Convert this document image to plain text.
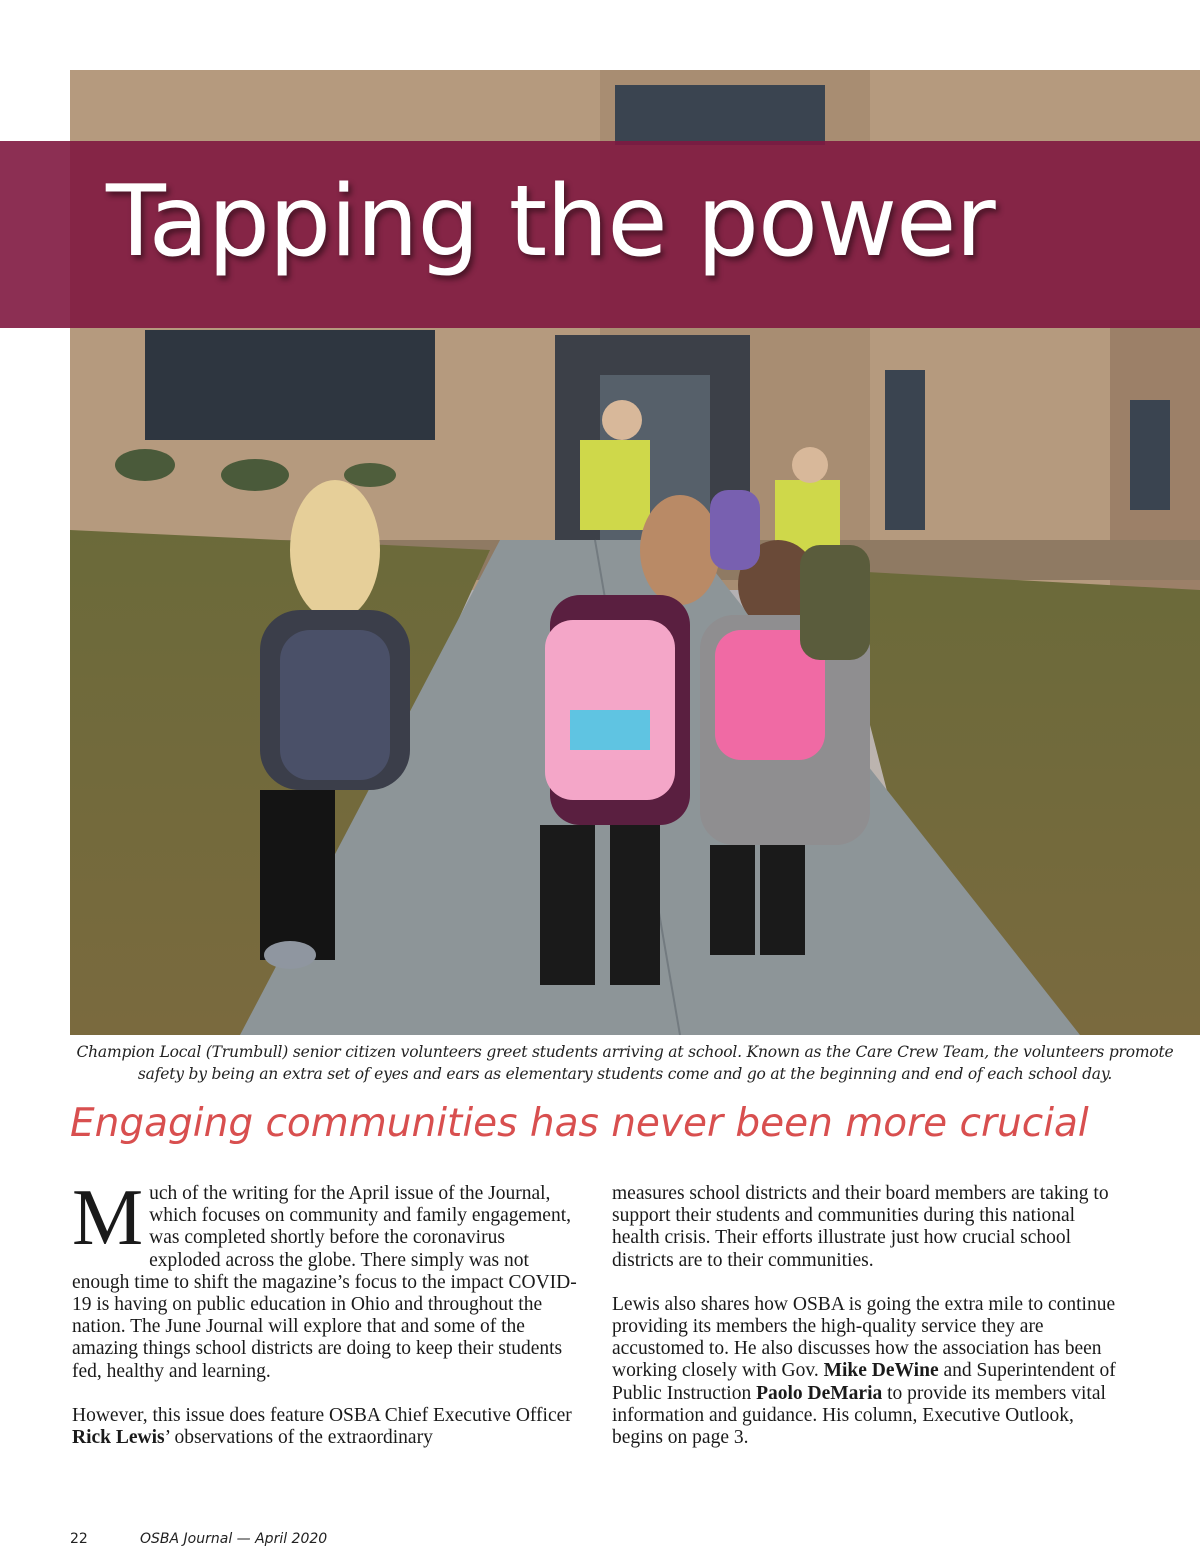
Tapping the power

Champion Local (Trumbull) senior citizen volunteers greet students arriving at school. Known as the Care Crew Team, the volunteers promote safety by being an extra set of eyes and ears as elementary students come and go at the beginning and end of each school day.

Engaging communities has never been more crucial

Much of the writing for the April issue of the Journal, which focuses on community and family engagement, was completed shortly before the coronavirus exploded across the globe. There simply was not enough time to shift the magazine’s focus to the impact COVID-19 is having on public education in Ohio and throughout the nation. The June Journal will explore that and some of the amazing things school districts are doing to keep their students fed, healthy and learning.

However, this issue does feature OSBA Chief Executive Officer Rick Lewis’ observations of the extraordinary

measures school districts and their board members are taking to support their students and communities during this national health crisis. Their efforts illustrate just how crucial school districts are to their communities.

Lewis also shares how OSBA is going the extra mile to continue providing its members the high-quality service they are accustomed to. He also discusses how the association has been working closely with Gov. Mike DeWine and Superintendent of Public Instruction Paolo DeMaria to provide its members vital information and guidance. His column, Executive Outlook, begins on page 3.

22	OSBA Journal — April 2020
